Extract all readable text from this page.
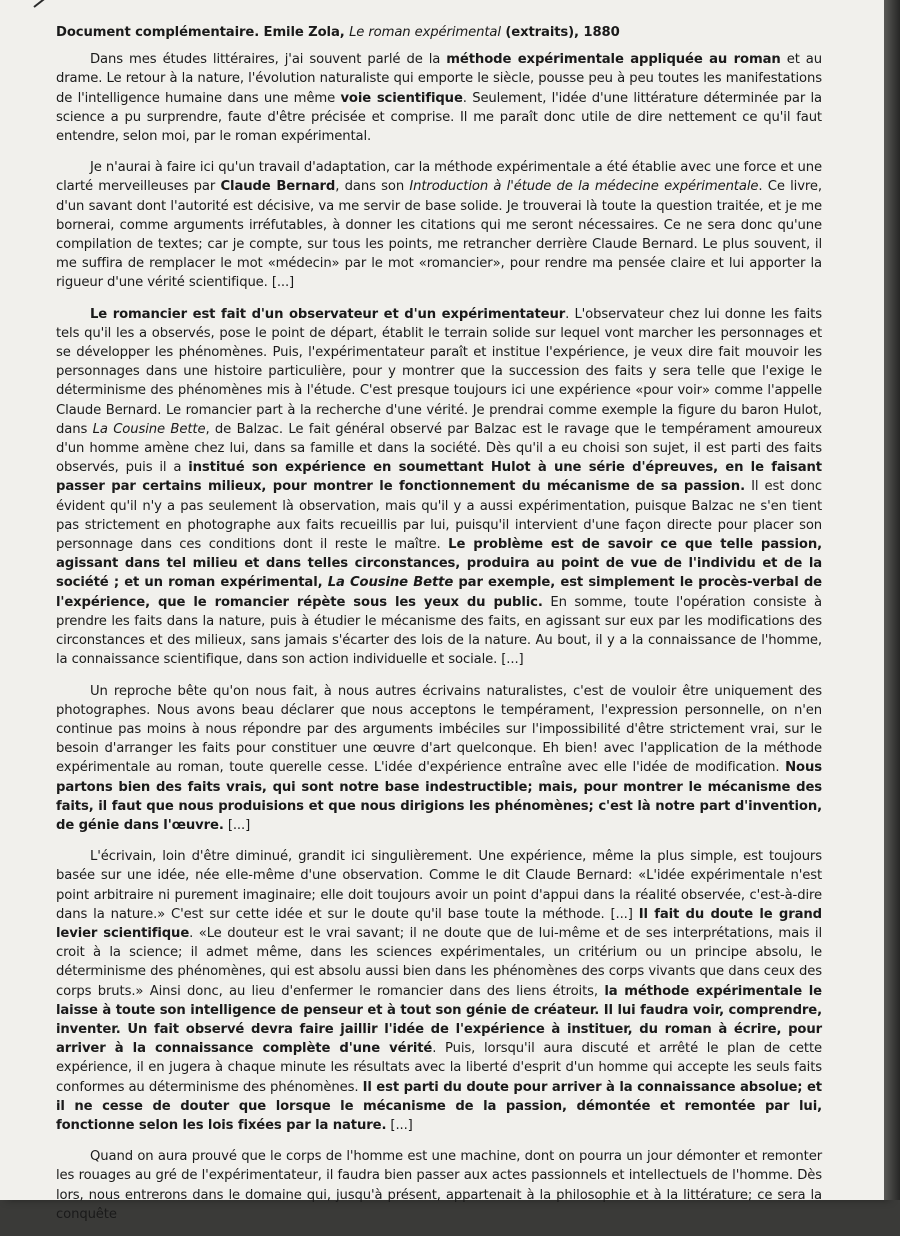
Document complémentaire. Emile Zola, Le roman expérimental (extraits), 1880

Dans mes études littéraires, j'ai souvent parlé de la méthode expérimentale appliquée au roman et au drame. Le retour à la nature, l'évolution naturaliste qui emporte le siècle, pousse peu à peu toutes les manifestations de l'intelligence humaine dans une même voie scientifique. Seulement, l'idée d'une littérature déterminée par la science a pu surprendre, faute d'être précisée et comprise. Il me paraît donc utile de dire nettement ce qu'il faut entendre, selon moi, par le roman expérimental.

Je n'aurai à faire ici qu'un travail d'adaptation, car la méthode expérimentale a été établie avec une force et une clarté merveilleuses par Claude Bernard, dans son Introduction à l'étude de la médecine expérimentale. Ce livre, d'un savant dont l'autorité est décisive, va me servir de base solide. Je trouverai là toute la question traitée, et je me bornerai, comme arguments irréfutables, à donner les citations qui me seront nécessaires. Ce ne sera donc qu'une compilation de textes; car je compte, sur tous les points, me retrancher derrière Claude Bernard. Le plus souvent, il me suffira de remplacer le mot «médecin» par le mot «romancier», pour rendre ma pensée claire et lui apporter la rigueur d'une vérité scientifique. [...]

Le romancier est fait d'un observateur et d'un expérimentateur. L'observateur chez lui donne les faits tels qu'il les a observés, pose le point de départ, établit le terrain solide sur lequel vont marcher les personnages et se développer les phénomènes. Puis, l'expérimentateur paraît et institue l'expérience, je veux dire fait mouvoir les personnages dans une histoire particulière, pour y montrer que la succession des faits y sera telle que l'exige le déterminisme des phénomènes mis à l'étude. C'est presque toujours ici une expérience «pour voir» comme l'appelle Claude Bernard. Le romancier part à la recherche d'une vérité. Je prendrai comme exemple la figure du baron Hulot, dans La Cousine Bette, de Balzac. Le fait général observé par Balzac est le ravage que le tempérament amoureux d'un homme amène chez lui, dans sa famille et dans la société. Dès qu'il a eu choisi son sujet, il est parti des faits observés, puis il a institué son expérience en soumettant Hulot à une série d'épreuves, en le faisant passer par certains milieux, pour montrer le fonctionnement du mécanisme de sa passion. Il est donc évident qu'il n'y a pas seulement là observation, mais qu'il y a aussi expérimentation, puisque Balzac ne s'en tient pas strictement en photographe aux faits recueillis par lui, puisqu'il intervient d'une façon directe pour placer son personnage dans ces conditions dont il reste le maître. Le problème est de savoir ce que telle passion, agissant dans tel milieu et dans telles circonstances, produira au point de vue de l'individu et de la société ; et un roman expérimental, La Cousine Bette par exemple, est simplement le procès-verbal de l'expérience, que le romancier répète sous les yeux du public. En somme, toute l'opération consiste à prendre les faits dans la nature, puis à étudier le mécanisme des faits, en agissant sur eux par les modifications des circonstances et des milieux, sans jamais s'écarter des lois de la nature. Au bout, il y a la connaissance de l'homme, la connaissance scientifique, dans son action individuelle et sociale. [...]

Un reproche bête qu'on nous fait, à nous autres écrivains naturalistes, c'est de vouloir être uniquement des photographes. Nous avons beau déclarer que nous acceptons le tempérament, l'expression personnelle, on n'en continue pas moins à nous répondre par des arguments imbéciles sur l'impossibilité d'être strictement vrai, sur le besoin d'arranger les faits pour constituer une œuvre d'art quelconque. Eh bien! avec l'application de la méthode expérimentale au roman, toute querelle cesse. L'idée d'expérience entraîne avec elle l'idée de modification. Nous partons bien des faits vrais, qui sont notre base indestructible; mais, pour montrer le mécanisme des faits, il faut que nous produisions et que nous dirigions les phénomènes; c'est là notre part d'invention, de génie dans l'œuvre. [...]

L'écrivain, loin d'être diminué, grandit ici singulièrement. Une expérience, même la plus simple, est toujours basée sur une idée, née elle-même d'une observation. Comme le dit Claude Bernard: «L'idée expérimentale n'est point arbitraire ni purement imaginaire; elle doit toujours avoir un point d'appui dans la réalité observée, c'est-à-dire dans la nature.» C'est sur cette idée et sur le doute qu'il base toute la méthode. [...] Il fait du doute le grand levier scientifique. «Le douteur est le vrai savant; il ne doute que de lui-même et de ses interprétations, mais il croit à la science; il admet même, dans les sciences expérimentales, un critérium ou un principe absolu, le déterminisme des phénomènes, qui est absolu aussi bien dans les phénomènes des corps vivants que dans ceux des corps bruts.» Ainsi donc, au lieu d'enfermer le romancier dans des liens étroits, la méthode expérimentale le laisse à toute son intelligence de penseur et à tout son génie de créateur. Il lui faudra voir, comprendre, inventer. Un fait observé devra faire jaillir l'idée de l'expérience à instituer, du roman à écrire, pour arriver à la connaissance complète d'une vérité. Puis, lorsqu'il aura discuté et arrêté le plan de cette expérience, il en jugera à chaque minute les résultats avec la liberté d'esprit d'un homme qui accepte les seuls faits conformes au déterminisme des phénomènes. Il est parti du doute pour arriver à la connaissance absolue; et il ne cesse de douter que lorsque le mécanisme de la passion, démontée et remontée par lui, fonctionne selon les lois fixées par la nature. [...]

Quand on aura prouvé que le corps de l'homme est une machine, dont on pourra un jour démonter et remonter les rouages au gré de l'expérimentateur, il faudra bien passer aux actes passionnels et intellectuels de l'homme. Dès lors, nous entrerons dans le domaine qui, jusqu'à présent, appartenait à la philosophie et à la littérature; ce sera la conquête
